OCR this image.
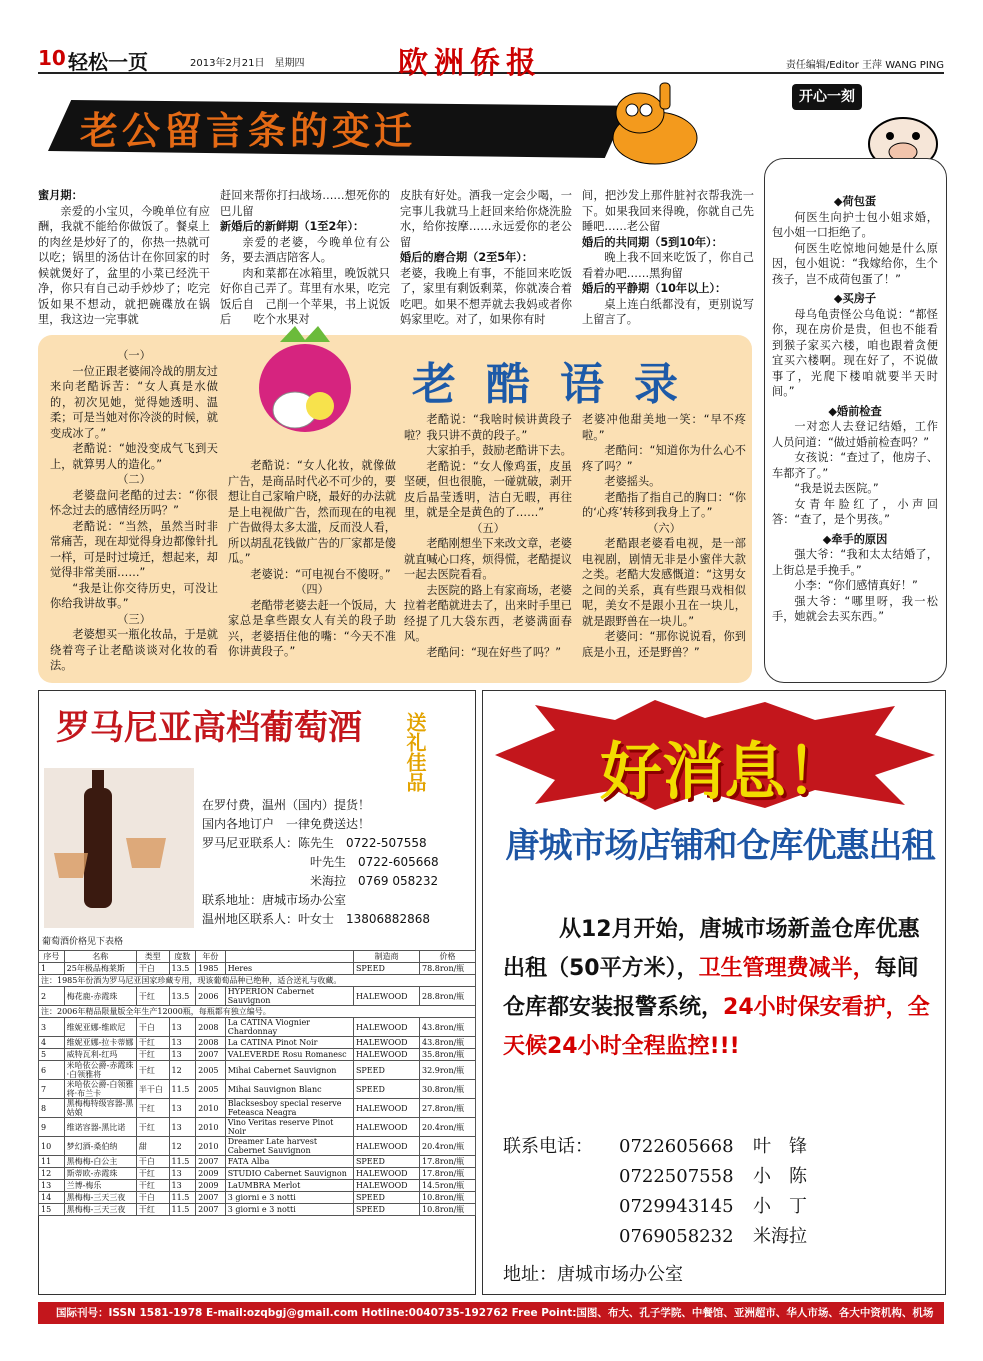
10 轻松一页	2013年2月21日　星期四	欧洲侨报	责任编辑/Editor 王萍 WANG PING
老公留言条的变迁
开心一刻

蜜月期：

亲爱的小宝贝，今晚单位有应酬，我就不能给你做饭了。餐桌上的肉丝是炒好了的，你热一热就可以吃；锅里的汤估计在你回家的时候就煲好了，盆里的小菜已经洗干净，你只有自己动手炒炒了；吃完饭如果不想动，就把碗碟放在锅里，我这边一完事就

赶回来帮你打扫战场……想死你的巴儿留

新婚后的新鲜期（1至2年）：

亲爱的老婆，今晚单位有公务，要去酒店陪客人。

肉和菜都在冰箱里，晚饭就只好你自己弄了。茸里有水果，吃完饭后自　己削一个苹果，书上说饭后　　吃个水果对

皮肤有好处。酒我一定会少喝，一完事儿我就马上赶回来给你烧洗脸水，给你按摩……永远爱你的老公留

婚后的磨合期（2至5年）：

老婆，我晚上有事，不能回来吃饭了，家里有剩饭剩菜，你就凑合着吃吧。如果不想弄就去我妈或者你妈家里吃。对了，如果你有时

间，把沙发上那件脏衬衣帮我洗一下。如果我回来得晚，你就自己先睡吧……老公留

婚后的共同期（5到10年）：

晚上我不回来吃饭了，你自己看着办吧……黑狗留

婚后的平静期（10年以上）：

桌上连白纸都没有，更别说写上留言了。

老酷语录

（一）

一位正跟老婆闹冷战的朋友过来向老酷诉苦：“女人真是水做的，初次见她，觉得她透明、温柔；可是当她对你冷淡的时候，就变成冰了。”

老酷说：“她没变成气飞到天上，就算男人的造化。”

（二）

老婆盘问老酷的过去：“你很怀念过去的感情经历吗？”

老酷说：“当然，虽然当时非常痛苦，现在却觉得身边都像针扎一样，可是时过境迁，想起来，却觉得非常美丽……”

“我是让你交待历史，可没让你给我讲故事。”

（三）

老婆想买一瓶化妆品，于是就绕着弯子让老酷谈谈对化妆的看法。

老酷说：“女人化妆，就像做广告，是商品时代必不可少的，要想让自己家喻户晓，最好的办法就是上电视做广告，然而现在的电视广告做得太多太滥，反而没人看，所以胡乱花钱做广告的厂家都是傻瓜。”

老婆说：“可电视台不傻呀。”

（四）

老酷带老婆去赶一个饭局，大家总是拿些跟女人有关的段子助兴，老婆捂住他的嘴：“今天不准你讲黄段子。”

老酷说：“我啥时候讲黄段子啦？我只讲不黄的段子。”

大家拍手，鼓励老酷讲下去。

老酷说：“女人像鸡蛋，皮虽坚硬，但也很脆，一碰就破，剥开皮后晶莹透明，洁白无暇，再往里，就是全是黄色的了……”

（五）

老酷刚想坐下来改文章，老婆就直喊心口疼，烦得慌，老酷提议一起去医院看看。

去医院的路上有家商场，老婆拉着老酷就进去了，出来时手里已经提了几大袋东西，老婆满面春风。

老酷问：“现在好些了吗？”

老婆冲他甜美地一笑：“早不疼啦。”

老酷问：“知道你为什么心不疼了吗？”

老婆摇头。

老酷指了指自己的胸口：“你的‘心疼’转移到我身上了。”

（六）

老酷跟老婆看电视，是一部电视剧，剧情无非是小蜜伴大款之类。老酷大发感慨道：“这男女之间的关系，真有些跟马戏相似呢，美女不是跟小丑在一块儿，就是跟野兽在一块儿。”

老婆问：“那你说说看，你到底是小丑，还是野兽？”

◆荷包蛋

何医生向护士包小姐求婚，包小姐一口拒绝了。

何医生吃惊地问她是什么原因，包小姐说：“我嫁给你，生个孩子，岂不成荷包蛋了！”

◆买房子

母乌龟责怪公乌龟说：“都怪你，现在房价是贵，但也不能看到猴子家买六楼，咱也跟着贪便宜买六楼啊。现在好了，不说做事了，光爬下楼咱就要半天时间。”

◆婚前检查

一对恋人去登记结婚，工作人员问道：“做过婚前检查吗？”

女孩说：“查过了，他房子、车都齐了。”

“我是说去医院。”

女青年脸红了，小声回答：“查了，是个男孩。”

◆牵手的原因

强大爷：“我和太太结婚了，上街总是手挽手。”

小李：“你们感情真好！”

强大爷：“哪里呀，我一松手，她就会去买东西。”

罗马尼亚高档葡萄酒 送礼佳品
在罗付费，温州（国内）提货！
国内各地订户　一律免费送达！
罗马尼亚联系人：陈先生　0722-507558
叶先生　0722-605668
米海拉　0769 058232
联系地址：唐城市场办公室
温州地区联系人：叶女士　13806882868
葡萄酒价格见下表格
序号	名称	类型	度数	年份		制造商	价格
1	25年极品梅莱斯	干白	13.5	1985	Heres	SPEED	78.8ron/瓶
注：1985年份酒为罗马尼亚国家珍藏专用，现该葡萄品种已绝种，适合送礼与收藏。							
2	梅花鹿-赤霞珠	干红	13.5	2006	HYPERION Cabernet Sauvignon	HALEWOOD	28.8ron/瓶
注：2006年精品限量版全年生产12000瓶，每瓶都有独立编号。							
3	维妮亚娜-维欧尼	干白	13	2008	La CATINA Viognier Chardonnay	HALEWOOD	43.8ron/瓶
4	维妮亚娜-拉卡蒂娜	干红	13	2008	La CATINA Pinot Noir	HALEWOOD	43.8ron/瓶
5	威特瓦利-红玛	干红	13	2007	VALEVERDE Rosu Romanesc	HALEWOOD	35.8ron/瓶
6	米哈依公爵-赤霞珠·白领雅将	干红	12	2005	Mihai Cabernet Sauvignon	SPEED	32.9ron/瓶
7	米哈依公爵-白领雅将·布兰卡	半干白	11.5	2005	Mihai Sauvignon Blanc	SPEED	30.8ron/瓶
8	黑梅梅特级容器-黑姑娘	干红	13	2010	Blacksesboy special reserve Feteasca Neagra	HALEWOOD	27.8ron/瓶
9	维诺容器-黑比诺	干红	13	2010	Vino Veritas reserve Pinot Noir	HALEWOOD	20.4ron/瓶
10	梦幻酒-桑伯纳	甜	12	2010	Dreamer Late harvest Cabernet Sauvignon	HALEWOOD	20.4ron/瓶
11	黑梅梅-白公主	干白	11.5	2007	FATA Alba	SPEED	17.8ron/瓶
12	斯蒂欧-赤霞珠	干红	13	2009	STUDIO Cabernet Sauvignon	HALEWOOD	17.8ron/瓶
13	兰博-梅乐	干红	13	2009	LaUMBRA Merlot	HALEWOOD	14.5ron/瓶
14	黑梅梅-三天三夜	干白	11.5	2007	3 giorni e 3 notti	SPEED	10.8ron/瓶
15	黑梅梅-三天三夜	干红	11.5	2007	3 giorni e 3 notti	SPEED	10.8ron/瓶
好消息！
唐城市场店铺和仓库优惠出租
从12月开始，唐城市场新盖仓库优惠出租（50平方米），卫生管理费减半，每间仓库都安装报警系统，24小时保安看护，全天候24小时全程监控!!!
联系电话：	0722605668	叶　锋
0722507558	小　陈
0729943145	小　丁
0769058232	米海拉
地址：唐城市场办公室
国际刊号：ISSN 1581-1978 E-mail:ozqbgj@gmail.com Hotline:0040735-192762 Free Point:国图、布大、孔子学院、中餐馆、亚洲超市、华人市场、各大中资机构、机场
